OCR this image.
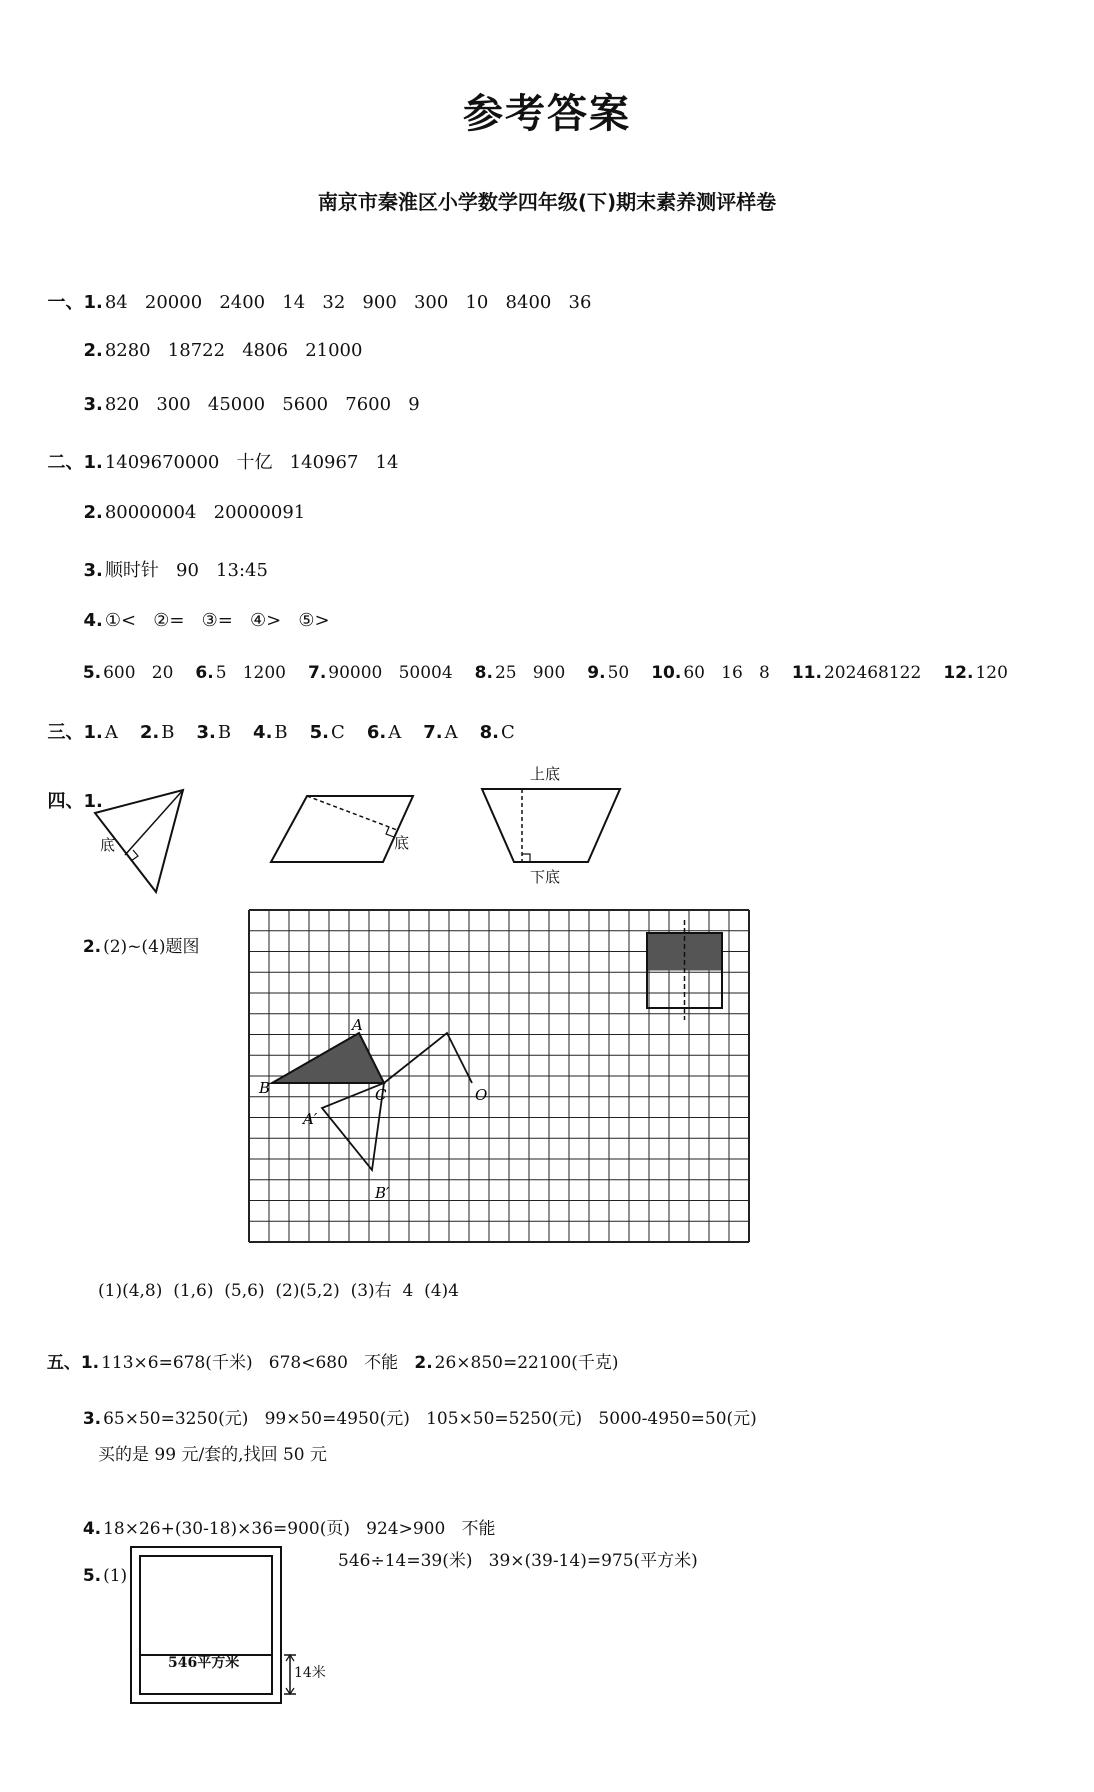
参考答案
南京市秦淮区小学数学四年级(下)期末素养测评样卷

一、1. 84   20000   2400   14   32   900   300   10   8400   36

2. 8280   18722   4806   21000

3. 820   300   45000   5600   7600   9

二、1. 1409670000   十亿   140967   14

2. 80000004   20000091

3. 顺时针   90   13:45

4. ①<   ②=   ③=   ④>   ⑤>

5. 600   20 6. 5   1200 7. 90000   50004 8. 25   900 9. 50 10. 60   16   8 11. 202468122 12. 120

三、1. A 2. B 3. B 4. B 5. C 6. A 7. A 8. C

四、1.

底	底
上底
下底

2. (2)~(4)题图

B
A
C	O
A′
B′
(1)(4,8)  (1,6)  (5,6)  (2)(5,2)  (3)右  4  (4)4

五、1. 113×6=678(千米)   678<680   不能 2. 26×850=22100(千克)

3. 65×50=3250(元)   99×50=4950(元)   105×50=5250(元)   5000-4950=50(元)

买的是 99 元/套的,找回 50 元

4. 18×26+(30-18)×36=900(页)   924>900   不能

5. (1)

546÷14=39(米)   39×(39-14)=975(平方米)
546平方米
14米
